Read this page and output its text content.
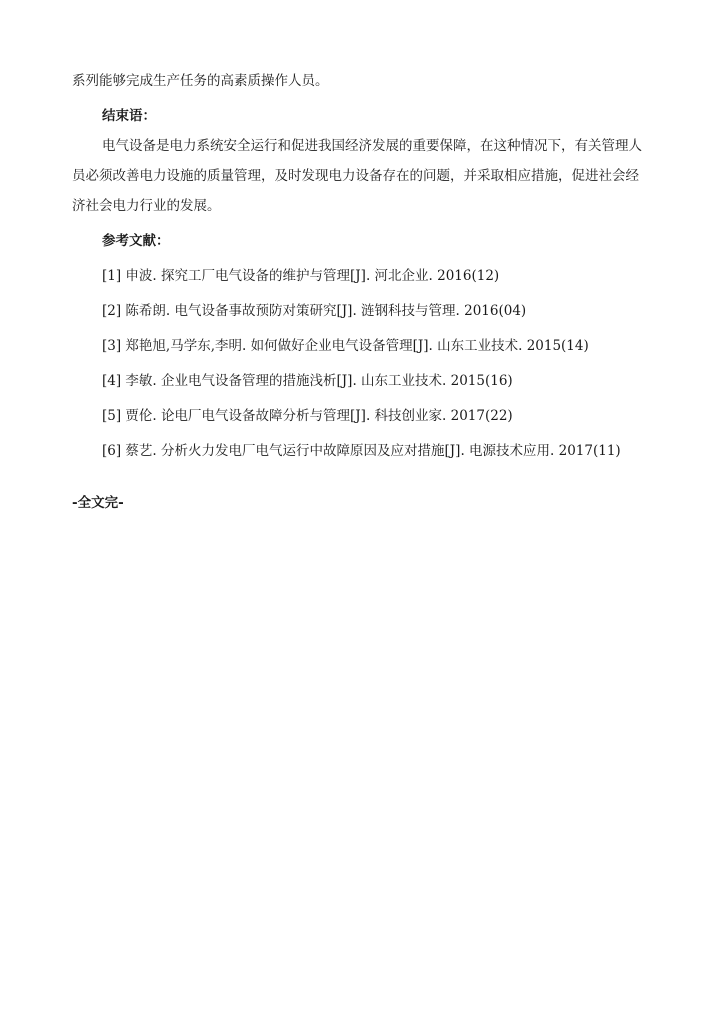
系列能够完成生产任务的高素质操作人员。

结束语：

电气设备是电力系统安全运行和促进我国经济发展的重要保障，在这种情况下，有关管理人员必须改善电力设施的质量管理，及时发现电力设备存在的问题，并采取相应措施，促进社会经济社会电力行业的发展。

参考文献：

[1] 申波. 探究工厂电气设备的维护与管理[J]. 河北企业. 2016(12)

[2] 陈希朗. 电气设备事故预防对策研究[J]. 涟钢科技与管理. 2016(04)

[3] 郑艳旭,马学东,李明. 如何做好企业电气设备管理[J]. 山东工业技术. 2015(14)

[4] 李敏. 企业电气设备管理的措施浅析[J]. 山东工业技术. 2015(16)

[5] 贾伦. 论电厂电气设备故障分析与管理[J]. 科技创业家. 2017(22)

[6] 蔡艺. 分析火力发电厂电气运行中故障原因及应对措施[J]. 电源技术应用. 2017(11)

-全文完-
